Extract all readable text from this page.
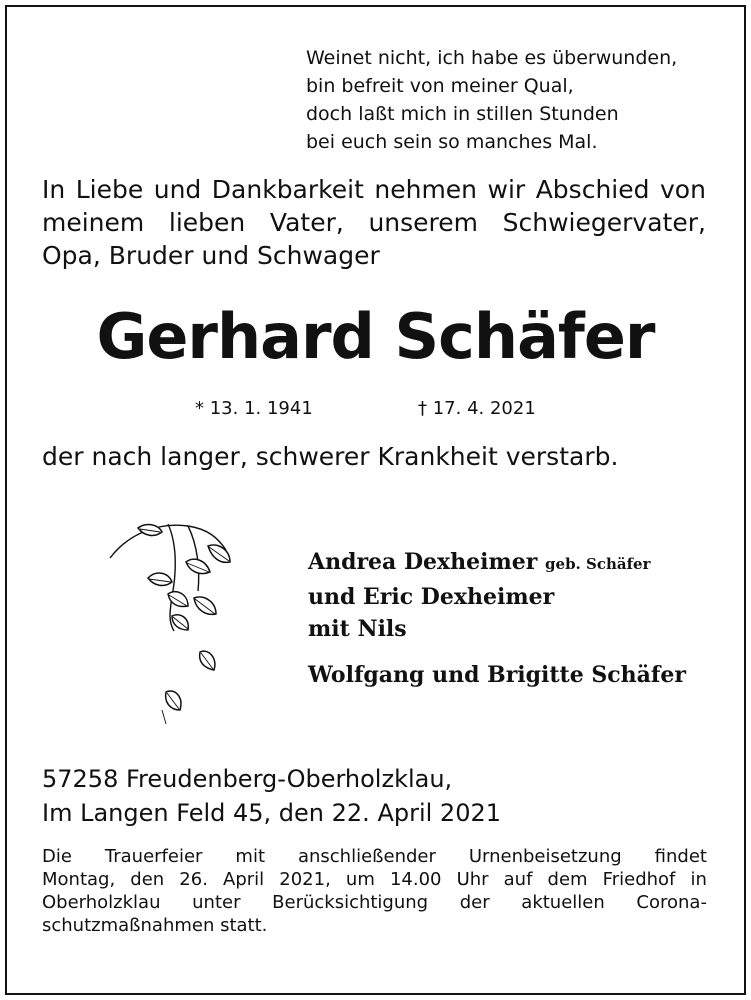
Weinet nicht, ich habe es überwunden,
bin befreit von meiner Qual,
doch laßt mich in stillen Stunden
bei euch sein so manches Mal.
In Liebe und Dankbarkeit nehmen wir Abschied von
meinem lieben Vater, unserem Schwiegervater,
Opa, Bruder und Schwager
Gerhard Schäfer
* 13. 1. 1941	† 17. 4. 2021
der nach langer, schwerer Krankheit verstarb.
Andrea Dexheimer geb. Schäfer
und Eric Dexheimer
mit Nils
Wolfgang und Brigitte Schäfer
57258 Freudenberg-Oberholzklau,
Im Langen Feld 45, den 22. April 2021
Die Trauerfeier mit anschließender Urnenbeisetzung findet
Montag, den 26. April 2021, um 14.00 Uhr auf dem Friedhof in
Oberholzklau unter Berücksichtigung der aktuellen Corona-
schutzmaßnahmen statt.
